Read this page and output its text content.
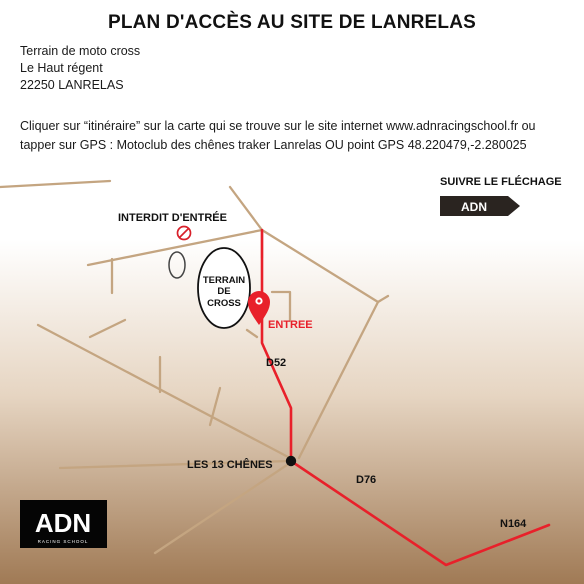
PLAN D'ACCÈS AU SITE DE LANRELAS
Terrain de moto cross
Le Haut régent
22250 LANRELAS
Cliquer sur “itinéraire” sur la carte qui se trouve sur le site internet www.adnracingschool.fr ou
tapper sur GPS : Motoclub des chênes traker Lanrelas OU point GPS 48.220479,-2.280025
SUIVRE LE FLÉCHAGE
ADN
INTERDIT D'ENTRÉE
TERRAIN
DE
CROSS
ENTREE
D52
LES 13 CHÊNES
D76
N164
ADN
RACING SCHOOL
